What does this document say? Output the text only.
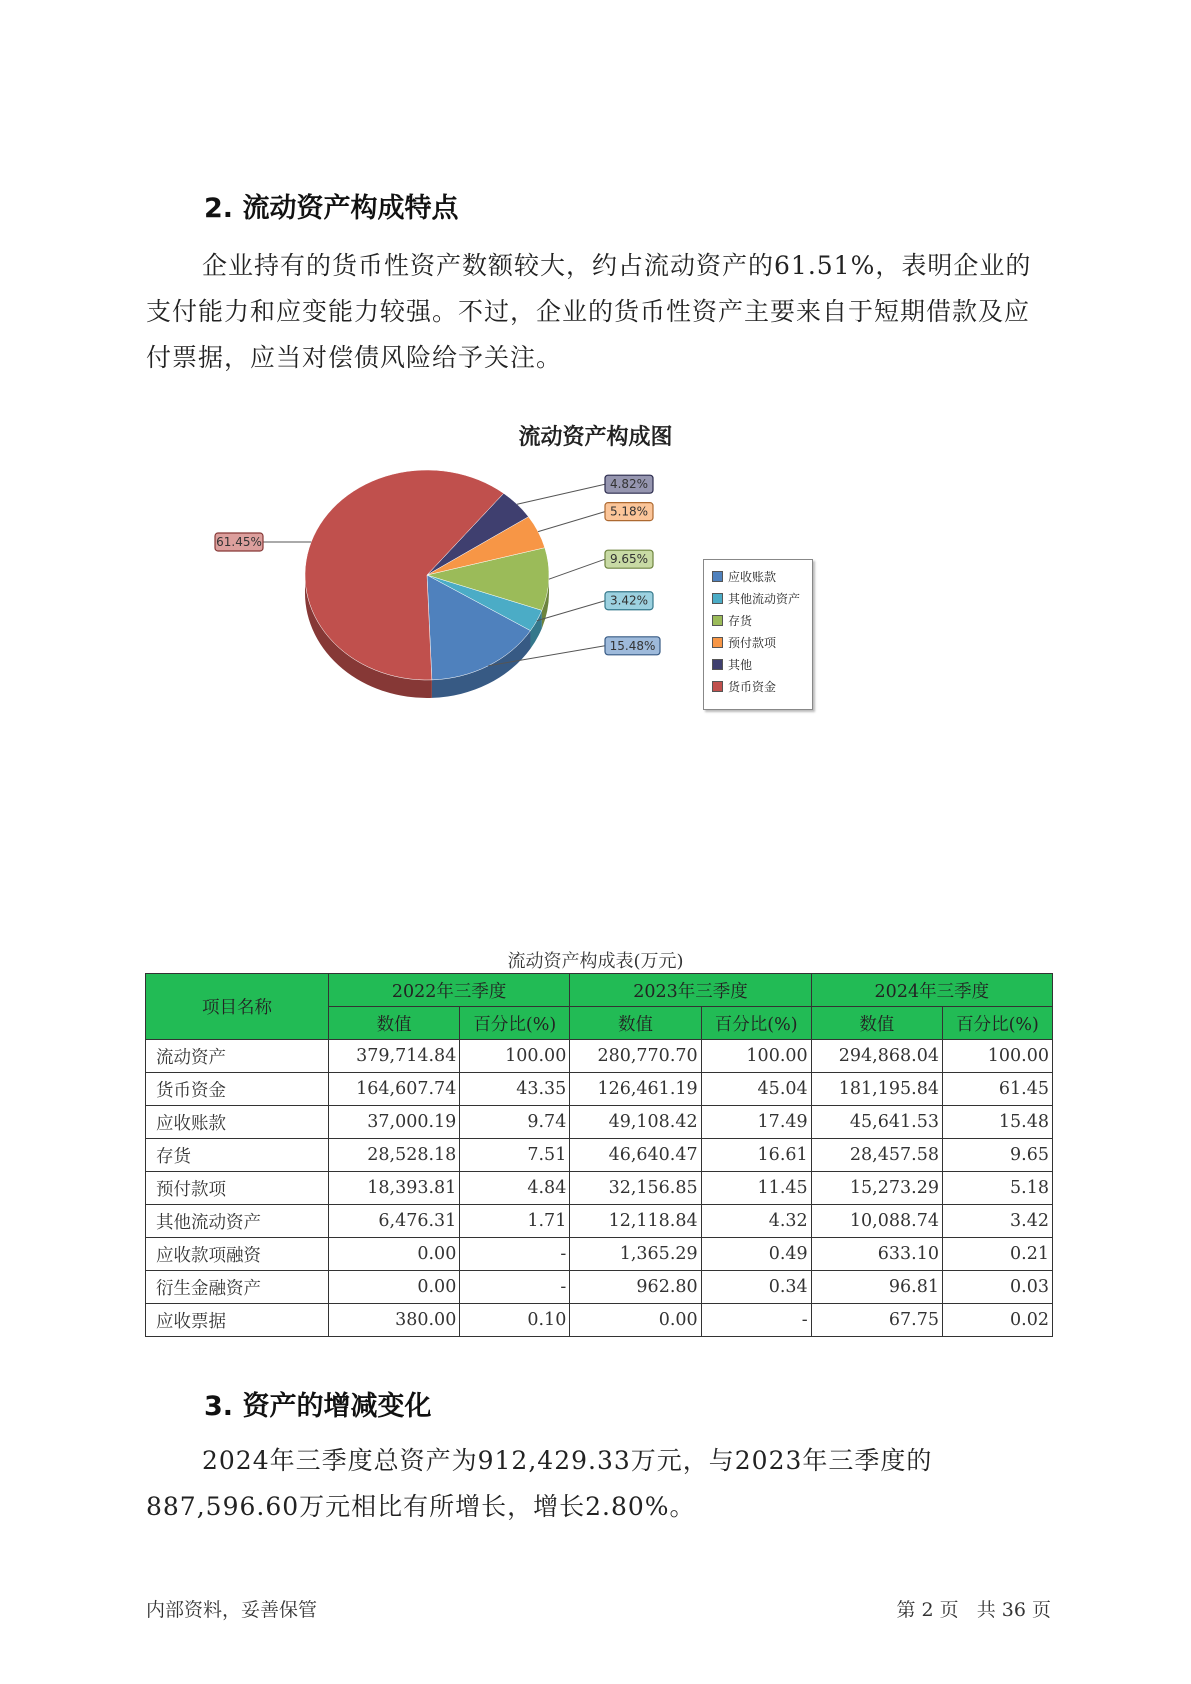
2. 流动资产构成特点

企业持有的货币性资产数额较大，约占流动资产的61.51%，表明企业的支付能力和应变能力较强。不过，企业的货币性资产主要来自于短期借款及应付票据，应当对偿债风险给予关注。

流动资产构成图
15.48%
3.42%
9.65%
5.18%
4.82%
61.45%
应收账款
其他流动资产
存货
预付款项
其他
货币资金
流动资产构成表(万元)
项目名称	2022年三季度		2023年三季度		2024年三季度	
	数值	百分比(%)	数值	百分比(%)	数值	百分比(%)
流动资产	379,714.84	100.00	280,770.70	100.00	294,868.04	100.00
货币资金	164,607.74	43.35	126,461.19	45.04	181,195.84	61.45
应收账款	37,000.19	9.74	49,108.42	17.49	45,641.53	15.48
存货	28,528.18	7.51	46,640.47	16.61	28,457.58	9.65
预付款项	18,393.81	4.84	32,156.85	11.45	15,273.29	5.18
其他流动资产	6,476.31	1.71	12,118.84	4.32	10,088.74	3.42
应收款项融资	0.00	-	1,365.29	0.49	633.10	0.21
衍生金融资产	0.00	-	962.80	0.34	96.81	0.03
应收票据	380.00	0.10	0.00	-	67.75	0.02
3. 资产的增减变化

2024年三季度总资产为912,429.33万元，与2023年三季度的887,596.60万元相比有所增长，增长2.80%。

内部资料，妥善保管	第 2 页   共 36 页
